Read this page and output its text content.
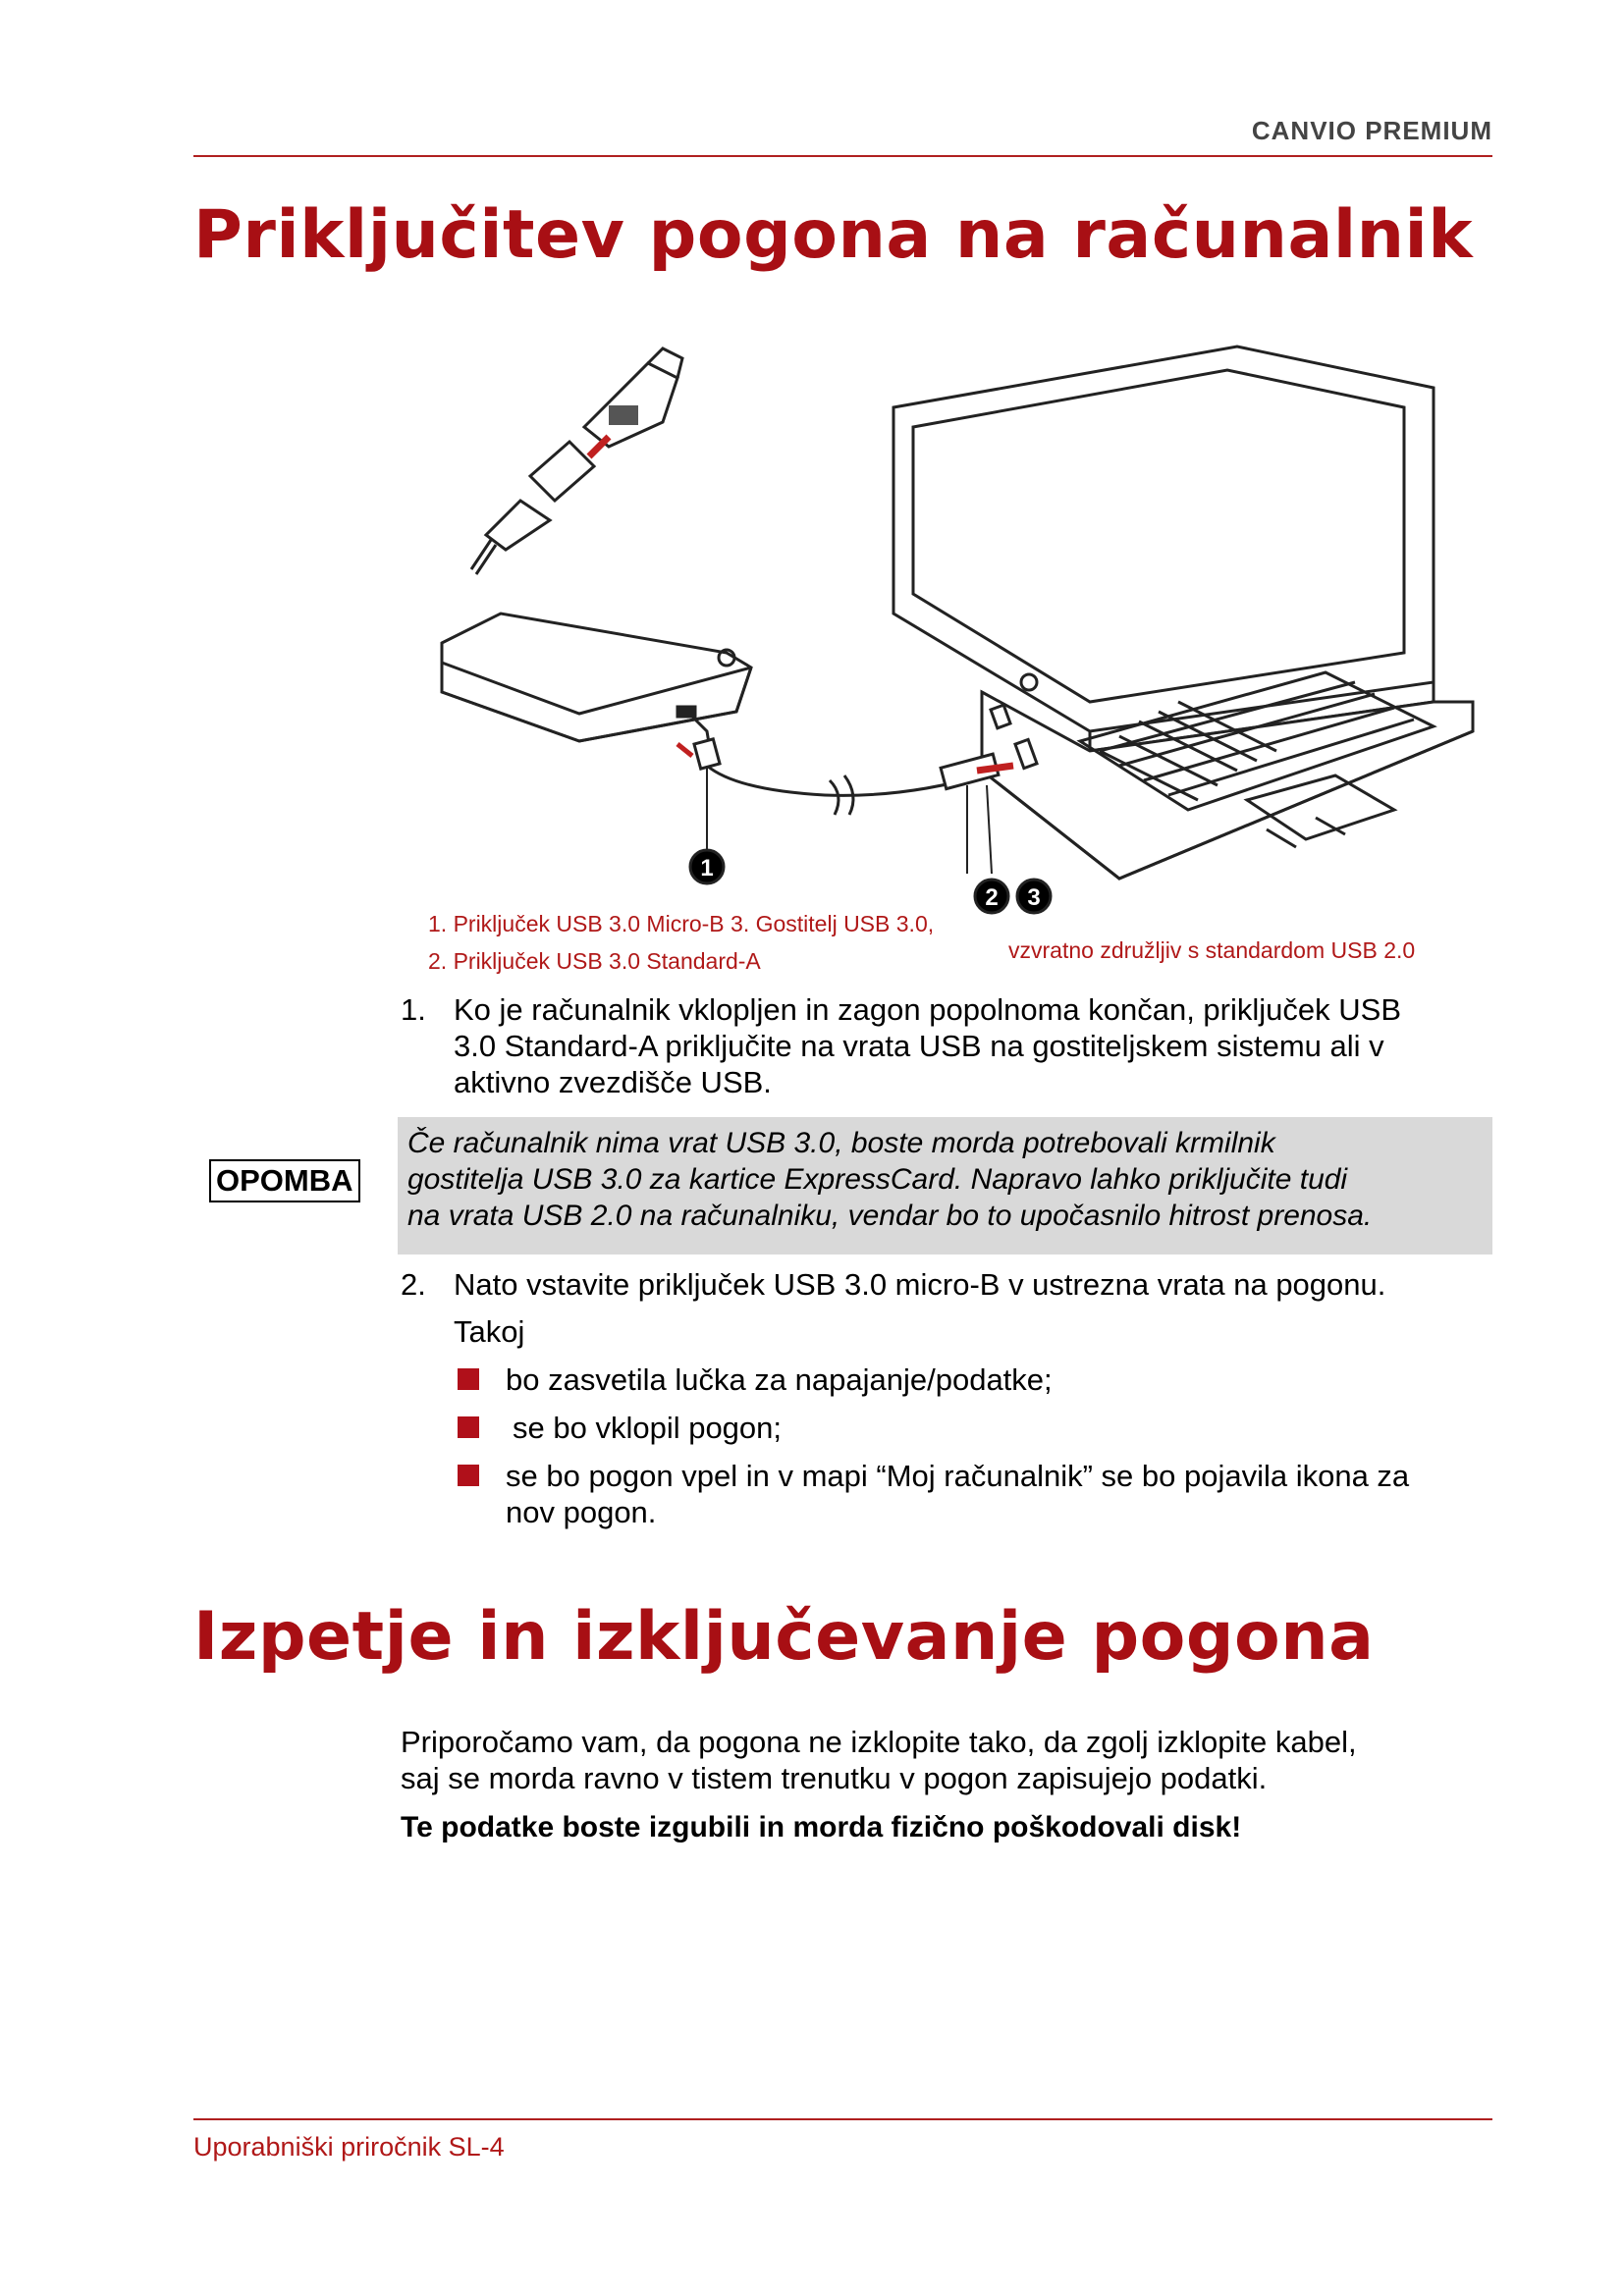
CANVIO PREMIUM
Priključitev pogona na računalnik
1
2 3
1. Priključek USB 3.0 Micro-B 3. Gostitelj USB 3.0,
2. Priključek USB 3.0 Standard-A	vzvratno združljiv s standardom USB 2.0
1. Ko je računalnik vklopljen in zagon popolnoma končan, priključek USB
3.0 Standard-A priključite na vrata USB na gostiteljskem sistemu ali v
aktivno zvezdišče USB.
OPOMBA
Če računalnik nima vrat USB 3.0, boste morda potrebovali krmilnik
gostitelja USB 3.0 za kartice ExpressCard. Napravo lahko priključite tudi
na vrata USB 2.0 na računalniku, vendar bo to upočasnilo hitrost prenosa.
2. Nato vstavite priključek USB 3.0 micro-B v ustrezna vrata na pogonu.
Takoj
bo zasvetila lučka za napajanje/podatke;
se bo vklopil pogon;
se bo pogon vpel in v mapi “Moj računalnik” se bo pojavila ikona za
nov pogon.
Izpetje in izključevanje pogona
Priporočamo vam, da pogona ne izklopite tako, da zgolj izklopite kabel,
saj se morda ravno v tistem trenutku v pogon zapisujejo podatki.
Te podatke boste izgubili in morda fizično poškodovali disk!
Uporabniški priročnik SL-4
